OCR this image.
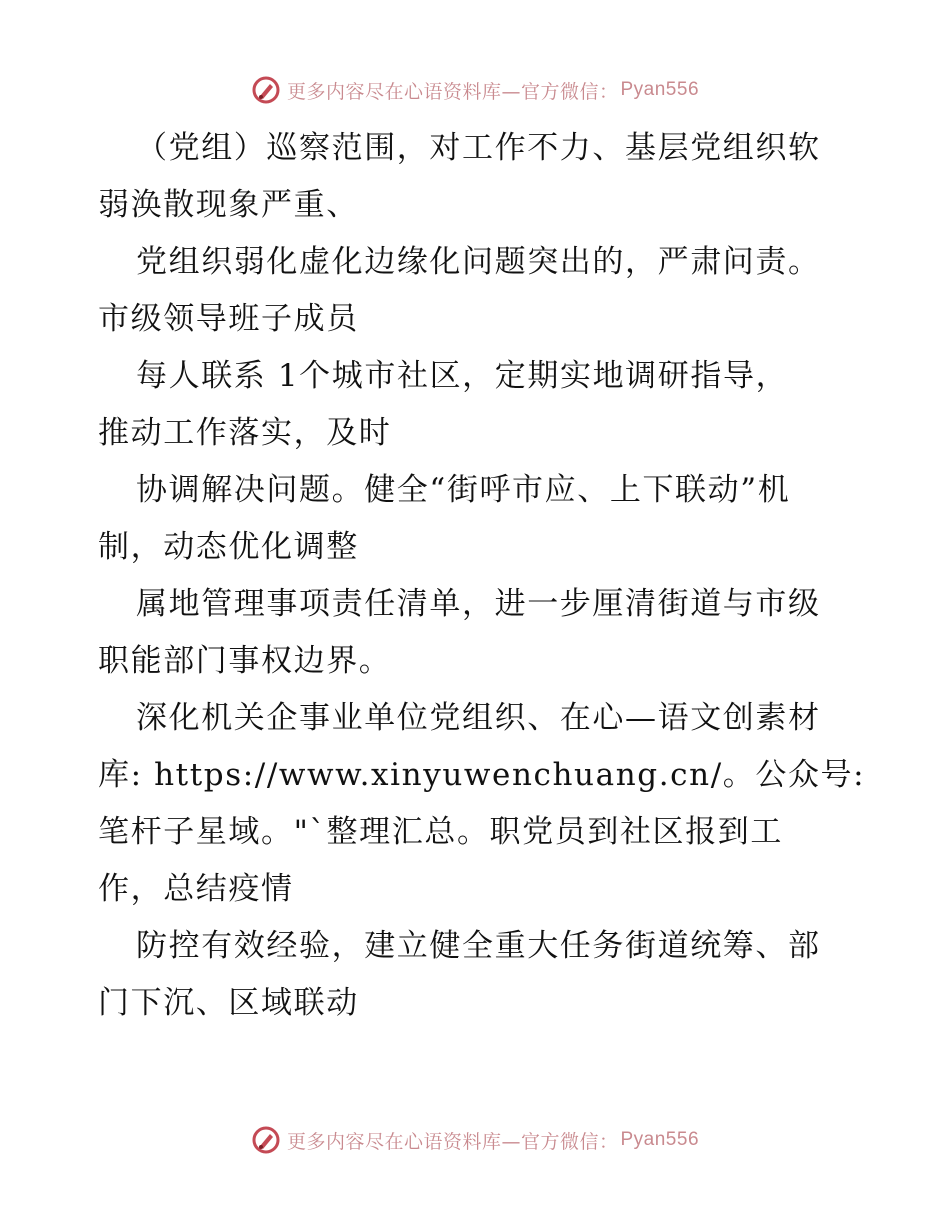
更多内容尽在心语资料库—官方微信： Pyan556
（党组）巡察范围，对工作不力、基层党组织软
弱涣散现象严重、
党组织弱化虚化边缘化问题突出的，严肃问责。
市级领导班子成员
每人联系 1个城市社区，定期实地调研指导，
推动工作落实，及时
协调解决问题。健全“街呼市应、上下联动”机
制，动态优化调整
属地管理事项责任清单，进一步厘清街道与市级
职能部门事权边界。
深化机关企事业单位党组织、在心—语文创素材
库: https://www.xinyuwenchuang.cn/。公众号:
笔杆子星域。"`整理汇总。职党员到社区报到工
作，总结疫情
防控有效经验，建立健全重大任务街道统筹、部
门下沉、区域联动
更多内容尽在心语资料库—官方微信： Pyan556
